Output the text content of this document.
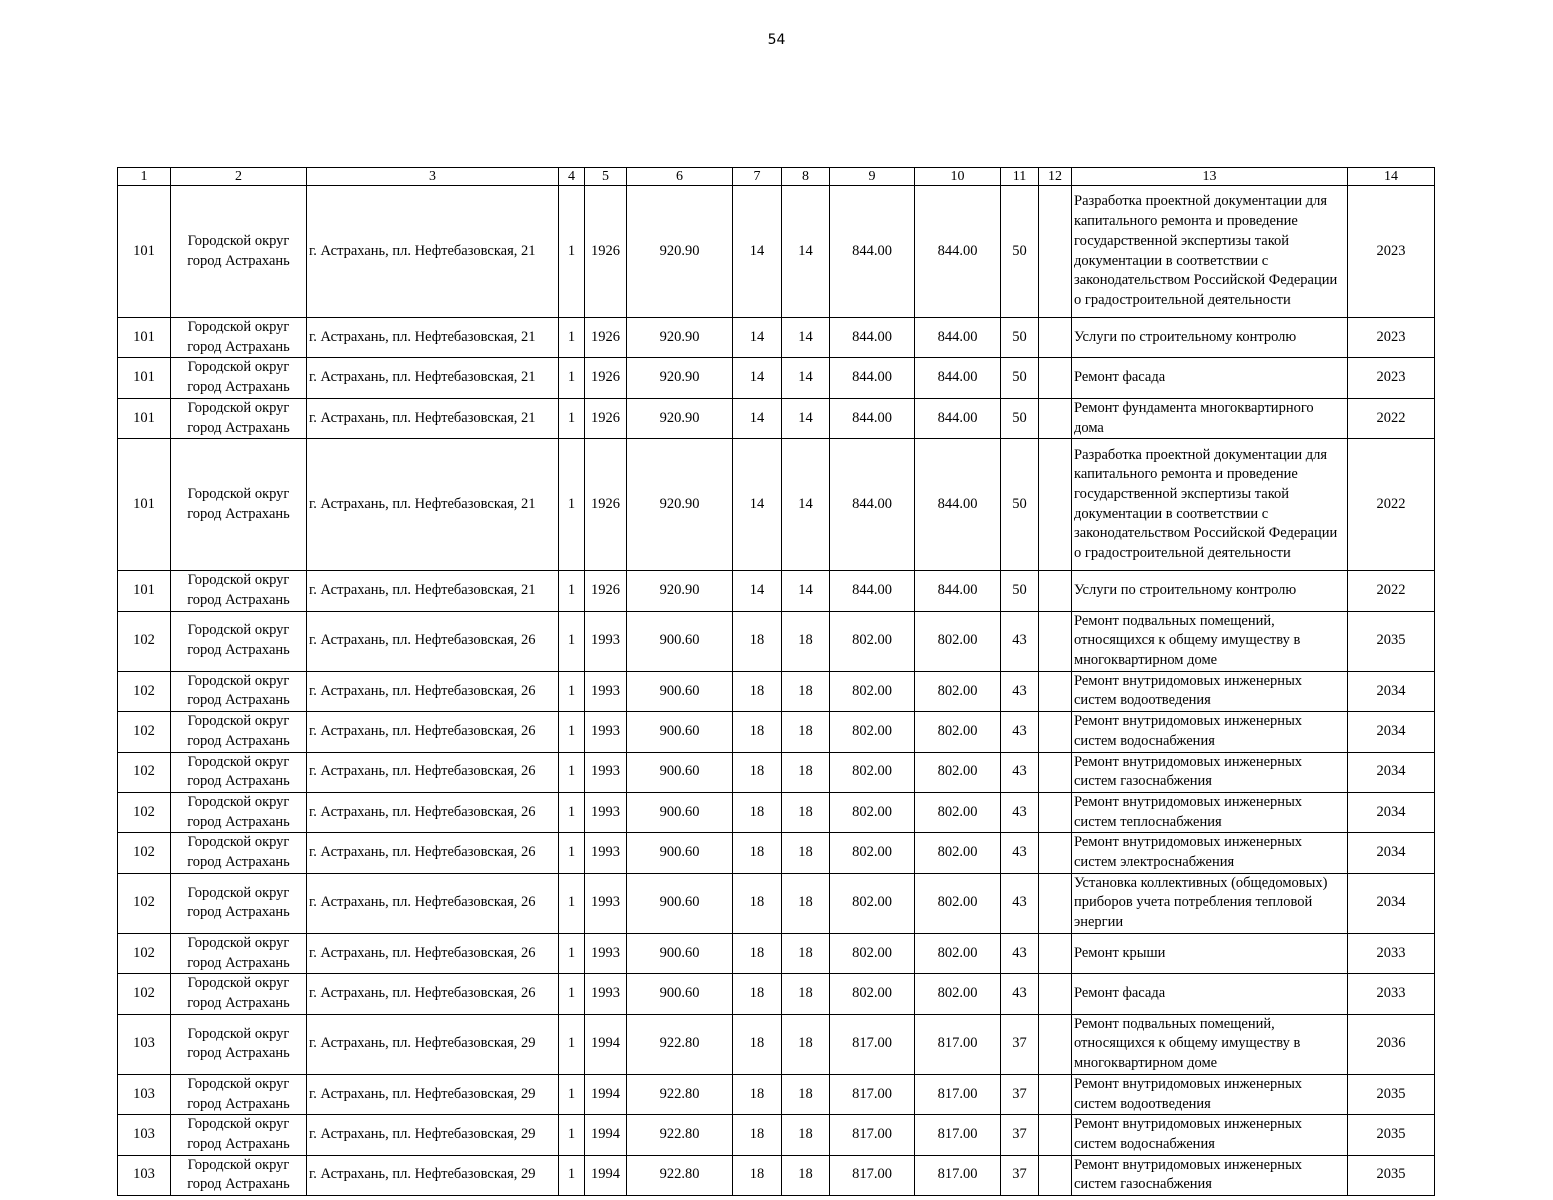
54
1	2	3	4	5	6	7	8	9	10	11	12	13	14
101	Городской округ город Астрахань	г. Астрахань, пл. Нефтебазовская, 21	1	1926	920.90	14	14	844.00	844.00	50		Разработка проектной документации для капитального ремонта и проведение государственной экспертизы такой документации в соответствии с законодательством Российской Федерации о градостроительной деятельности	2023
101	Городской округ город Астрахань	г. Астрахань, пл. Нефтебазовская, 21	1	1926	920.90	14	14	844.00	844.00	50		Услуги по строительному контролю	2023
101	Городской округ город Астрахань	г. Астрахань, пл. Нефтебазовская, 21	1	1926	920.90	14	14	844.00	844.00	50		Ремонт фасада	2023
101	Городской округ город Астрахань	г. Астрахань, пл. Нефтебазовская, 21	1	1926	920.90	14	14	844.00	844.00	50		Ремонт фундамента многоквартирного дома	2022
101	Городской округ город Астрахань	г. Астрахань, пл. Нефтебазовская, 21	1	1926	920.90	14	14	844.00	844.00	50		Разработка проектной документации для капитального ремонта и проведение государственной экспертизы такой документации в соответствии с законодательством Российской Федерации о градостроительной деятельности	2022
101	Городской округ город Астрахань	г. Астрахань, пл. Нефтебазовская, 21	1	1926	920.90	14	14	844.00	844.00	50		Услуги по строительному контролю	2022
102	Городской округ город Астрахань	г. Астрахань, пл. Нефтебазовская, 26	1	1993	900.60	18	18	802.00	802.00	43		Ремонт подвальных помещений, относящихся к общему имуществу в многоквартирном доме	2035
102	Городской округ город Астрахань	г. Астрахань, пл. Нефтебазовская, 26	1	1993	900.60	18	18	802.00	802.00	43		Ремонт внутридомовых инженерных систем водоотведения	2034
102	Городской округ город Астрахань	г. Астрахань, пл. Нефтебазовская, 26	1	1993	900.60	18	18	802.00	802.00	43		Ремонт внутридомовых инженерных систем водоснабжения	2034
102	Городской округ город Астрахань	г. Астрахань, пл. Нефтебазовская, 26	1	1993	900.60	18	18	802.00	802.00	43		Ремонт внутридомовых инженерных систем газоснабжения	2034
102	Городской округ город Астрахань	г. Астрахань, пл. Нефтебазовская, 26	1	1993	900.60	18	18	802.00	802.00	43		Ремонт внутридомовых инженерных систем теплоснабжения	2034
102	Городской округ город Астрахань	г. Астрахань, пл. Нефтебазовская, 26	1	1993	900.60	18	18	802.00	802.00	43		Ремонт внутридомовых инженерных систем электроснабжения	2034
102	Городской округ город Астрахань	г. Астрахань, пл. Нефтебазовская, 26	1	1993	900.60	18	18	802.00	802.00	43		Установка коллективных (общедомовых) приборов учета потребления тепловой энергии	2034
102	Городской округ город Астрахань	г. Астрахань, пл. Нефтебазовская, 26	1	1993	900.60	18	18	802.00	802.00	43		Ремонт крыши	2033
102	Городской округ город Астрахань	г. Астрахань, пл. Нефтебазовская, 26	1	1993	900.60	18	18	802.00	802.00	43		Ремонт фасада	2033
103	Городской округ город Астрахань	г. Астрахань, пл. Нефтебазовская, 29	1	1994	922.80	18	18	817.00	817.00	37		Ремонт подвальных помещений, относящихся к общему имуществу в многоквартирном доме	2036
103	Городской округ город Астрахань	г. Астрахань, пл. Нефтебазовская, 29	1	1994	922.80	18	18	817.00	817.00	37		Ремонт внутридомовых инженерных систем водоотведения	2035
103	Городской округ город Астрахань	г. Астрахань, пл. Нефтебазовская, 29	1	1994	922.80	18	18	817.00	817.00	37		Ремонт внутридомовых инженерных систем водоснабжения	2035
103	Городской округ город Астрахань	г. Астрахань, пл. Нефтебазовская, 29	1	1994	922.80	18	18	817.00	817.00	37		Ремонт внутридомовых инженерных систем газоснабжения	2035
